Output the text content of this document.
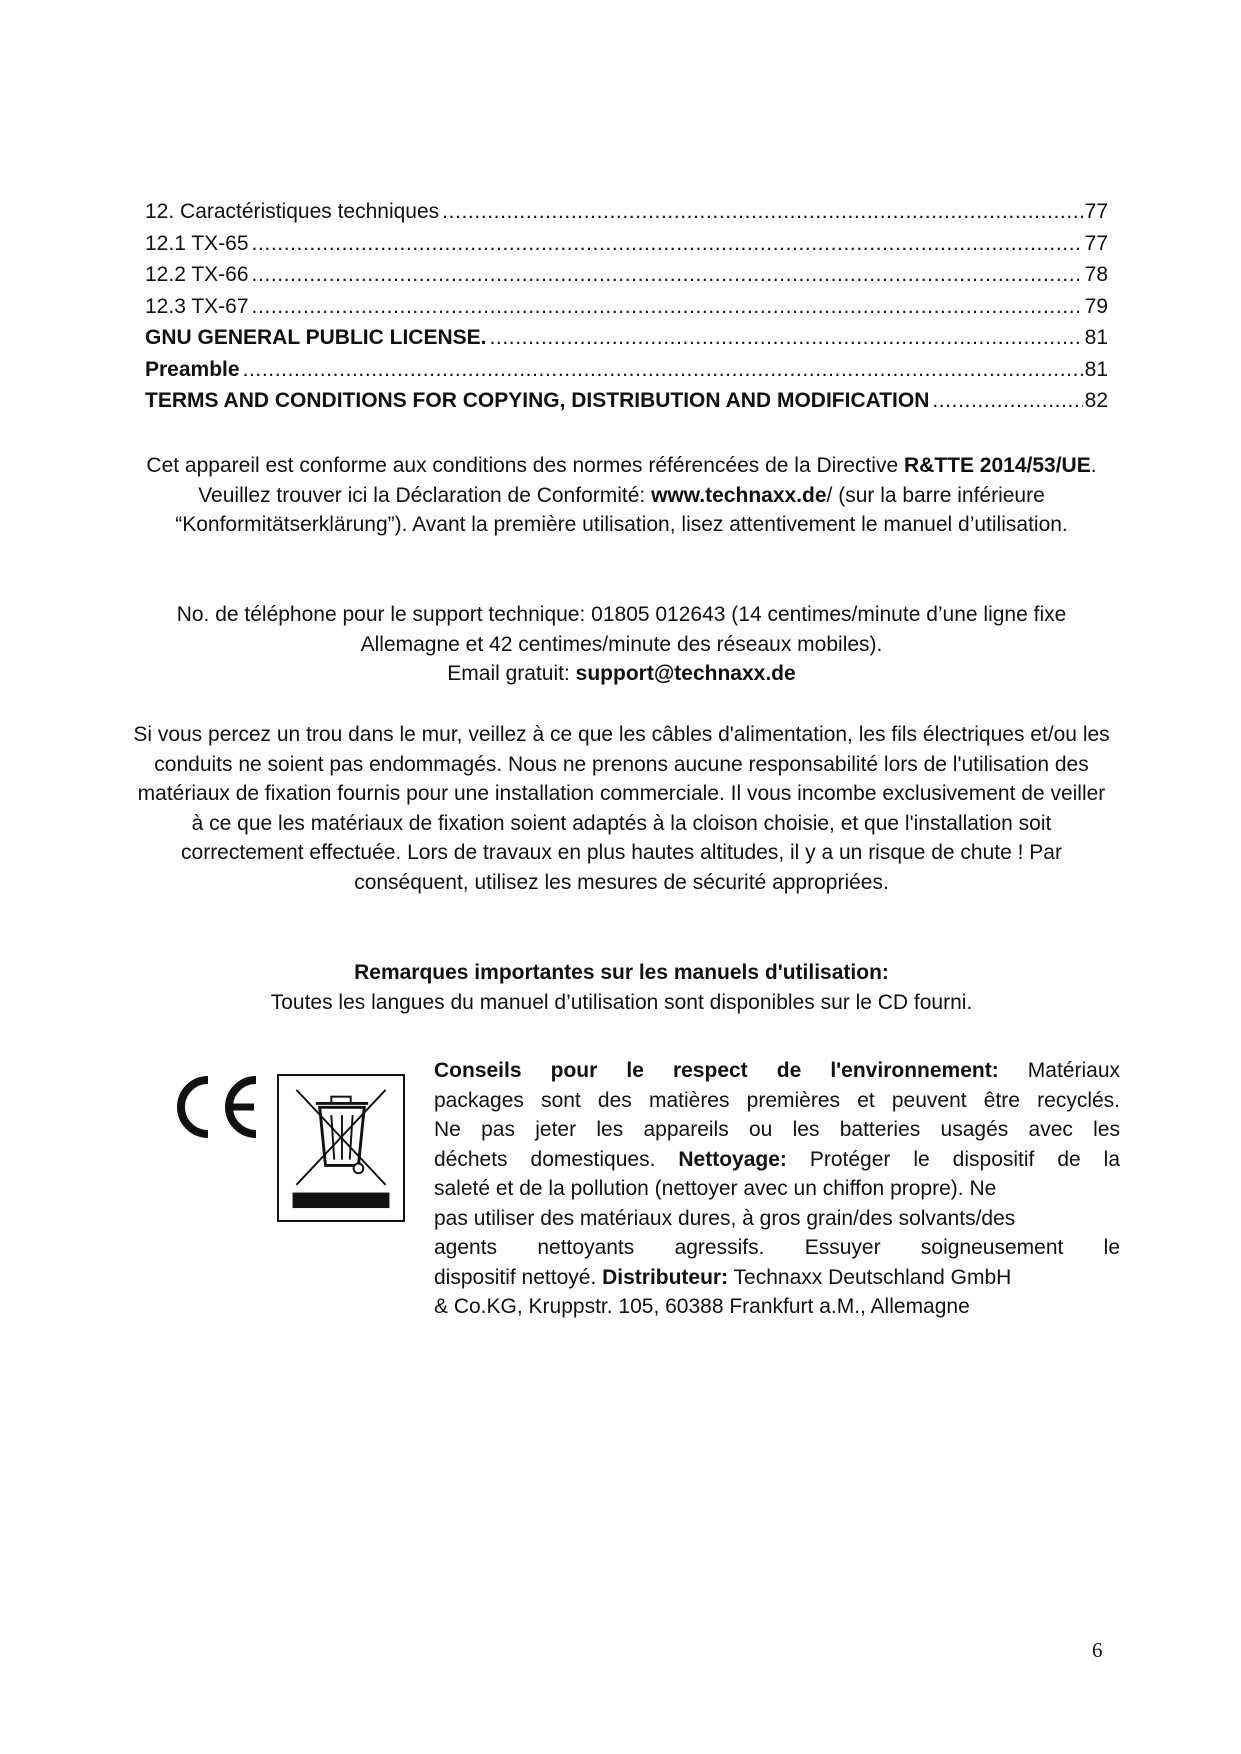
12. Caractéristiques techniques .....	77
12.1 TX-65 .....	77
12.2 TX-66 .....	78
12.3 TX-67 .....	79
GNU GENERAL PUBLIC LICENSE. .....	81
Preamble .....	81
TERMS AND CONDITIONS FOR COPYING, DISTRIBUTION AND MODIFICATION .....	82
Cet appareil est conforme aux conditions des normes référencées de la Directive R&TTE 2014/53/UE. Veuillez trouver ici la Déclaration de Conformité: www.technaxx.de/ (sur la barre inférieure “Konformitätserklärung”). Avant la première utilisation, lisez attentivement le manuel d’utilisation.
No. de téléphone pour le support technique: 01805 012643 (14 centimes/minute d’une ligne fixe Allemagne et 42 centimes/minute des réseaux mobiles).
Email gratuit: support@technaxx.de
Si vous percez un trou dans le mur, veillez à ce que les câbles d'alimentation, les fils électriques et/ou les conduits ne soient pas endommagés. Nous ne prenons aucune responsabilité lors de l'utilisation des matériaux de fixation fournis pour une installation commerciale. Il vous incombe exclusivement de veiller à ce que les matériaux de fixation soient adaptés à la cloison choisie, et que l'installation soit correctement effectuée. Lors de travaux en plus hautes altitudes, il y a un risque de chute ! Par conséquent, utilisez les mesures de sécurité appropriées.
Remarques importantes sur les manuels d'utilisation:
Toutes les langues du manuel d’utilisation sont disponibles sur le CD fourni.
Conseils pour le respect de l'environnement: Matériaux
packages sont des matières premières et peuvent être recyclés.
Ne pas jeter les appareils ou les batteries usagés avec les
déchets domestiques. Nettoyage: Protéger le dispositif de la
saleté et de la pollution (nettoyer avec un chiffon propre). Ne
pas utiliser des matériaux dures, à gros grain/des solvants/des
agents nettoyants agressifs. Essuyer soigneusement le
dispositif nettoyé. Distributeur: Technaxx Deutschland GmbH
& Co.KG, Kruppstr. 105, 60388 Frankfurt a.M., Allemagne
6
